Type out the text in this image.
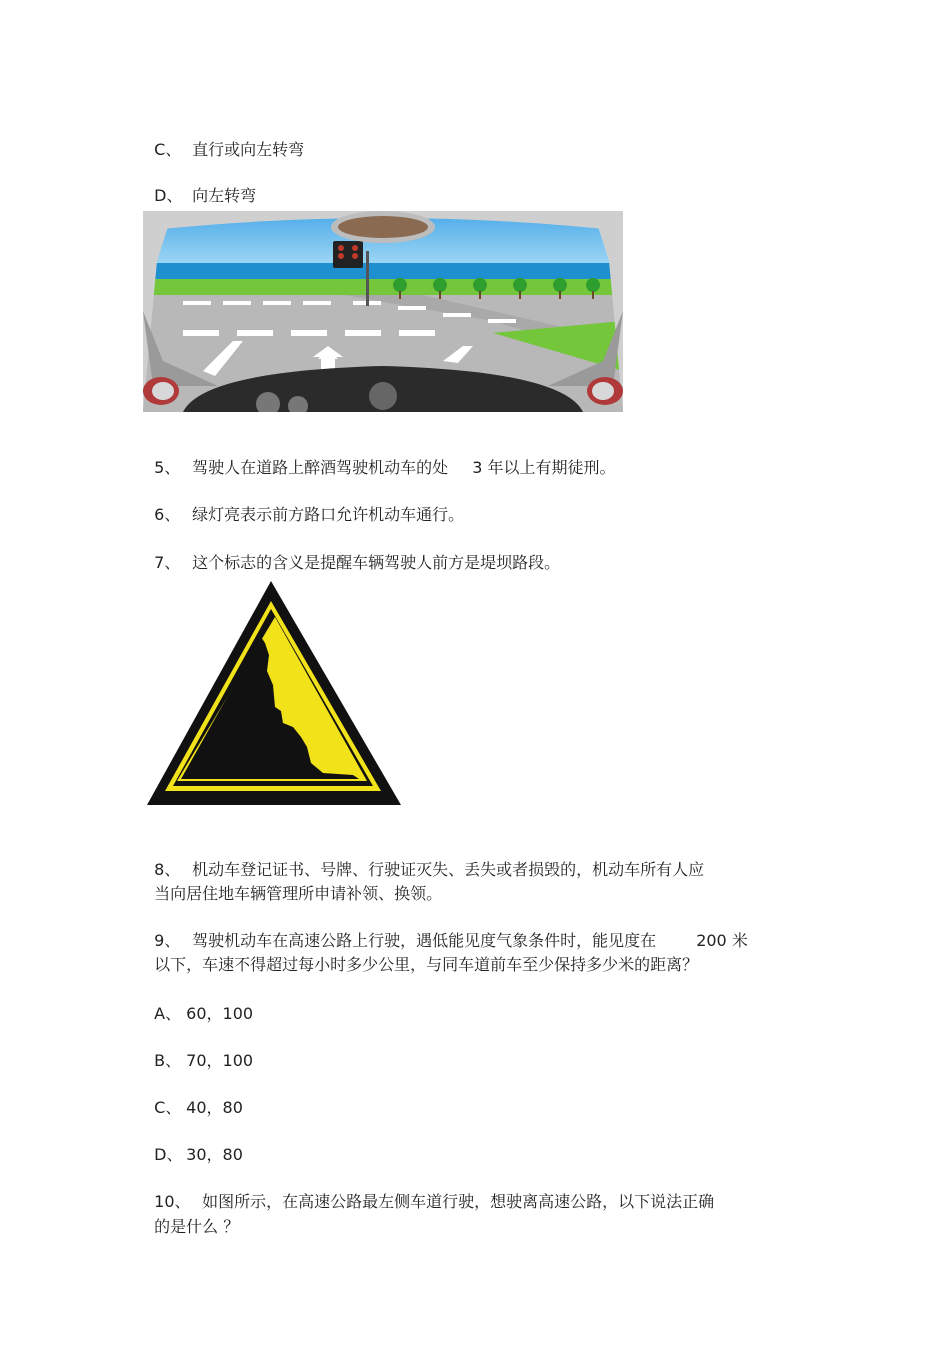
C、 直行或向左转弯

D、 向左转弯

5、 驾驶人在道路上醉酒驾驶机动车的处 3 年以上有期徒刑。

6、 绿灯亮表示前方路口允许机动车通行。

7、 这个标志的含义是提醒车辆驾驶人前方是堤坝路段。

8、 机动车登记证书、号牌、行驶证灭失、丢失或者损毁的，机动车所有人应

当向居住地车辆管理所申请补领、换领。

9、 驾驶机动车在高速公路上行驶，遇低能见度气象条件时，能见度在	200 米

以下，车速不得超过每小时多少公里，与同车道前车至少保持多少米的距离？

A、 60，100

B、 70，100

C、 40，80

D、 30，80

10、 如图所示，在高速公路最左侧车道行驶，想驶离高速公路，以下说法正确

的是什么 ？
